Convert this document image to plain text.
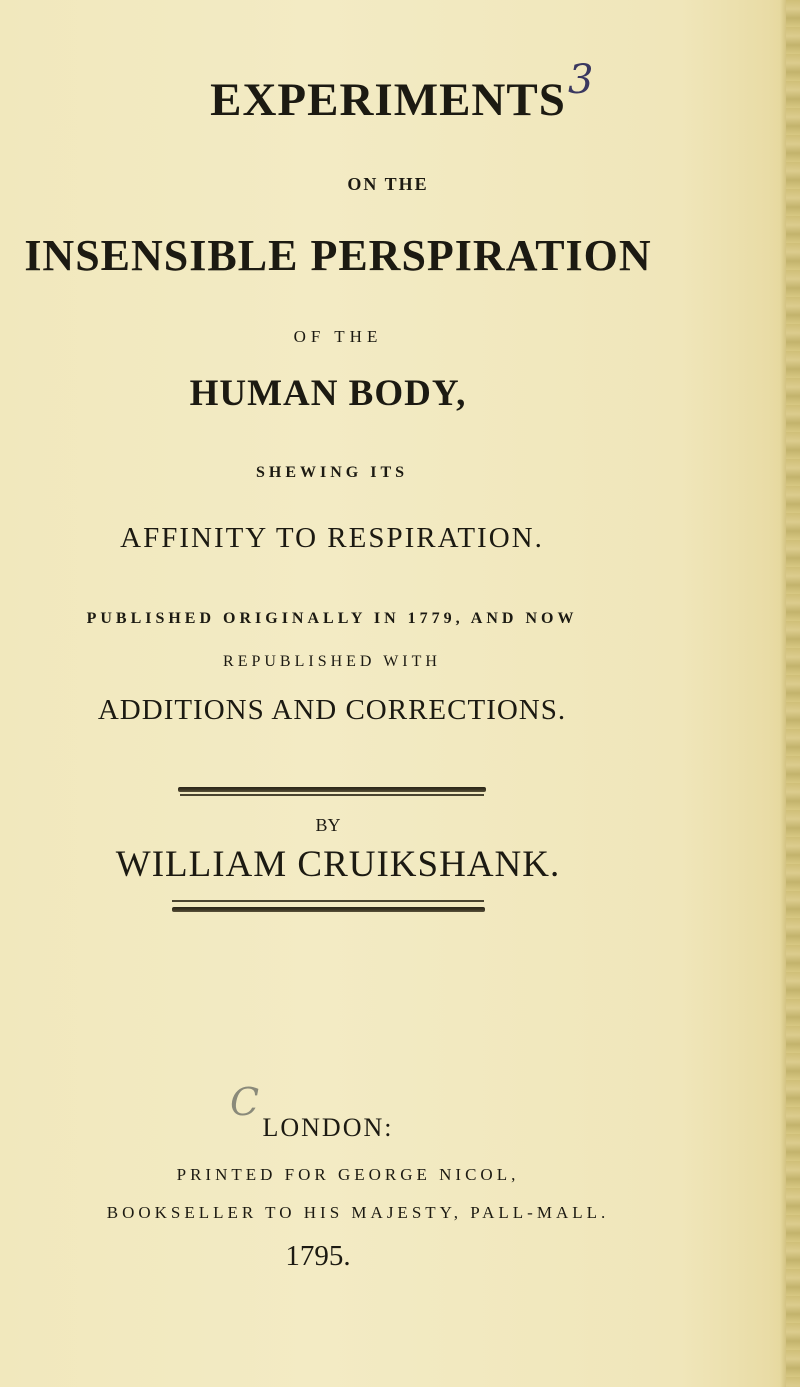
EXPERIMENTS 3
ON THE
INSENSIBLE PERSPIRATION
OF THE
HUMAN BODY,
SHEWING ITS
AFFINITY TO RESPIRATION.
PUBLISHED ORIGINALLY IN 1779, AND NOW
REPUBLISHED WITH
ADDITIONS AND CORRECTIONS.
BY
WILLIAM CRUIKSHANK.
C
LONDON:
PRINTED FOR GEORGE NICOL,
BOOKSELLER TO HIS MAJESTY, PALL-MALL.
1795.
